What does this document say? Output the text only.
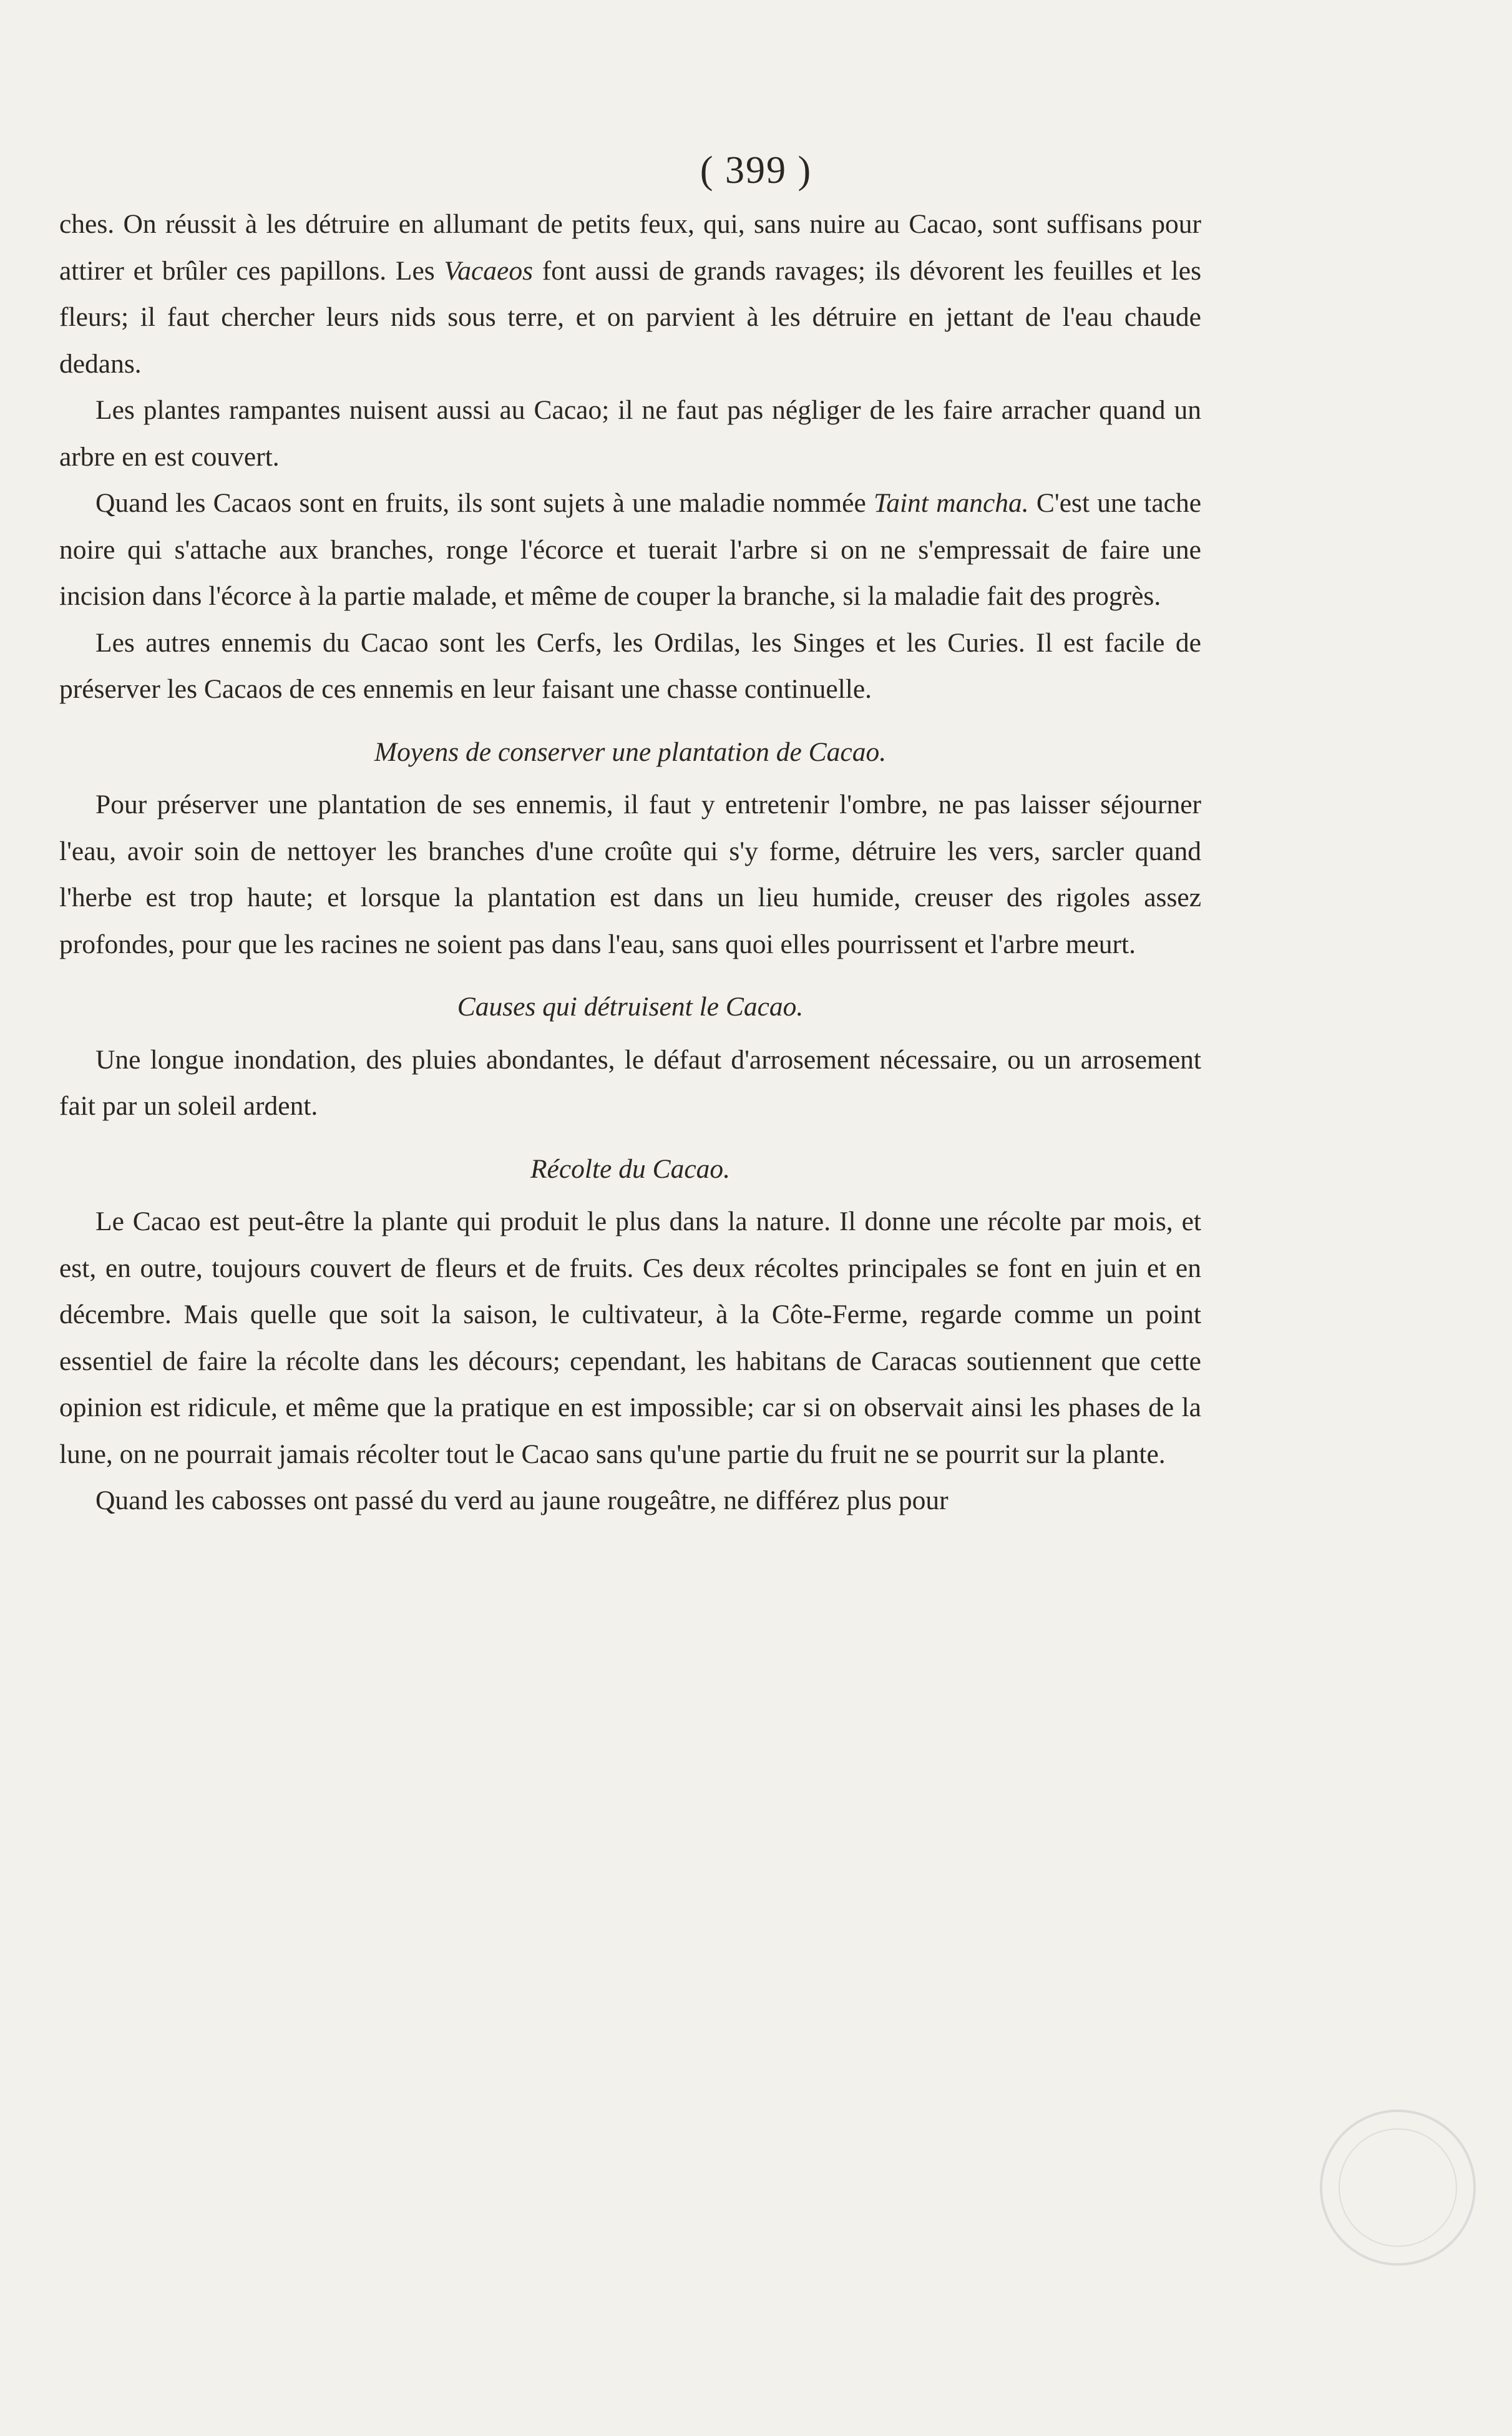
( 399 )

ches. On réussit à les détruire en allumant de petits feux, qui, sans nuire au Cacao, sont suffisans pour attirer et brûler ces papillons. Les Vacaeos font aussi de grands ravages; ils dévorent les feuilles et les fleurs; il faut chercher leurs nids sous terre, et on parvient à les détruire en jettant de l'eau chaude dedans.

Les plantes rampantes nuisent aussi au Cacao; il ne faut pas négliger de les faire arracher quand un arbre en est couvert.

Quand les Cacaos sont en fruits, ils sont sujets à une maladie nommée Taint mancha. C'est une tache noire qui s'attache aux branches, ronge l'écorce et tuerait l'arbre si on ne s'empressait de faire une incision dans l'écorce à la partie malade, et même de couper la branche, si la maladie fait des progrès.

Les autres ennemis du Cacao sont les Cerfs, les Ordilas, les Singes et les Curies. Il est facile de préserver les Cacaos de ces ennemis en leur faisant une chasse continuelle.

Moyens de conserver une plantation de Cacao.

Pour préserver une plantation de ses ennemis, il faut y entretenir l'ombre, ne pas laisser séjourner l'eau, avoir soin de nettoyer les branches d'une croûte qui s'y forme, détruire les vers, sarcler quand l'herbe est trop haute; et lorsque la plantation est dans un lieu humide, creuser des rigoles assez profondes, pour que les racines ne soient pas dans l'eau, sans quoi elles pourrissent et l'arbre meurt.

Causes qui détruisent le Cacao.

Une longue inondation, des pluies abondantes, le défaut d'arrosement nécessaire, ou un arrosement fait par un soleil ardent.

Récolte du Cacao.

Le Cacao est peut-être la plante qui produit le plus dans la nature. Il donne une récolte par mois, et est, en outre, toujours couvert de fleurs et de fruits. Ces deux récoltes principales se font en juin et en décembre. Mais quelle que soit la saison, le cultivateur, à la Côte-Ferme, regarde comme un point essentiel de faire la récolte dans les décours; cependant, les habitans de Caracas soutiennent que cette opinion est ridicule, et même que la pratique en est impossible; car si on observait ainsi les phases de la lune, on ne pourrait jamais récolter tout le Cacao sans qu'une partie du fruit ne se pourrit sur la plante.

Quand les cabosses ont passé du verd au jaune rougeâtre, ne différez plus pour
